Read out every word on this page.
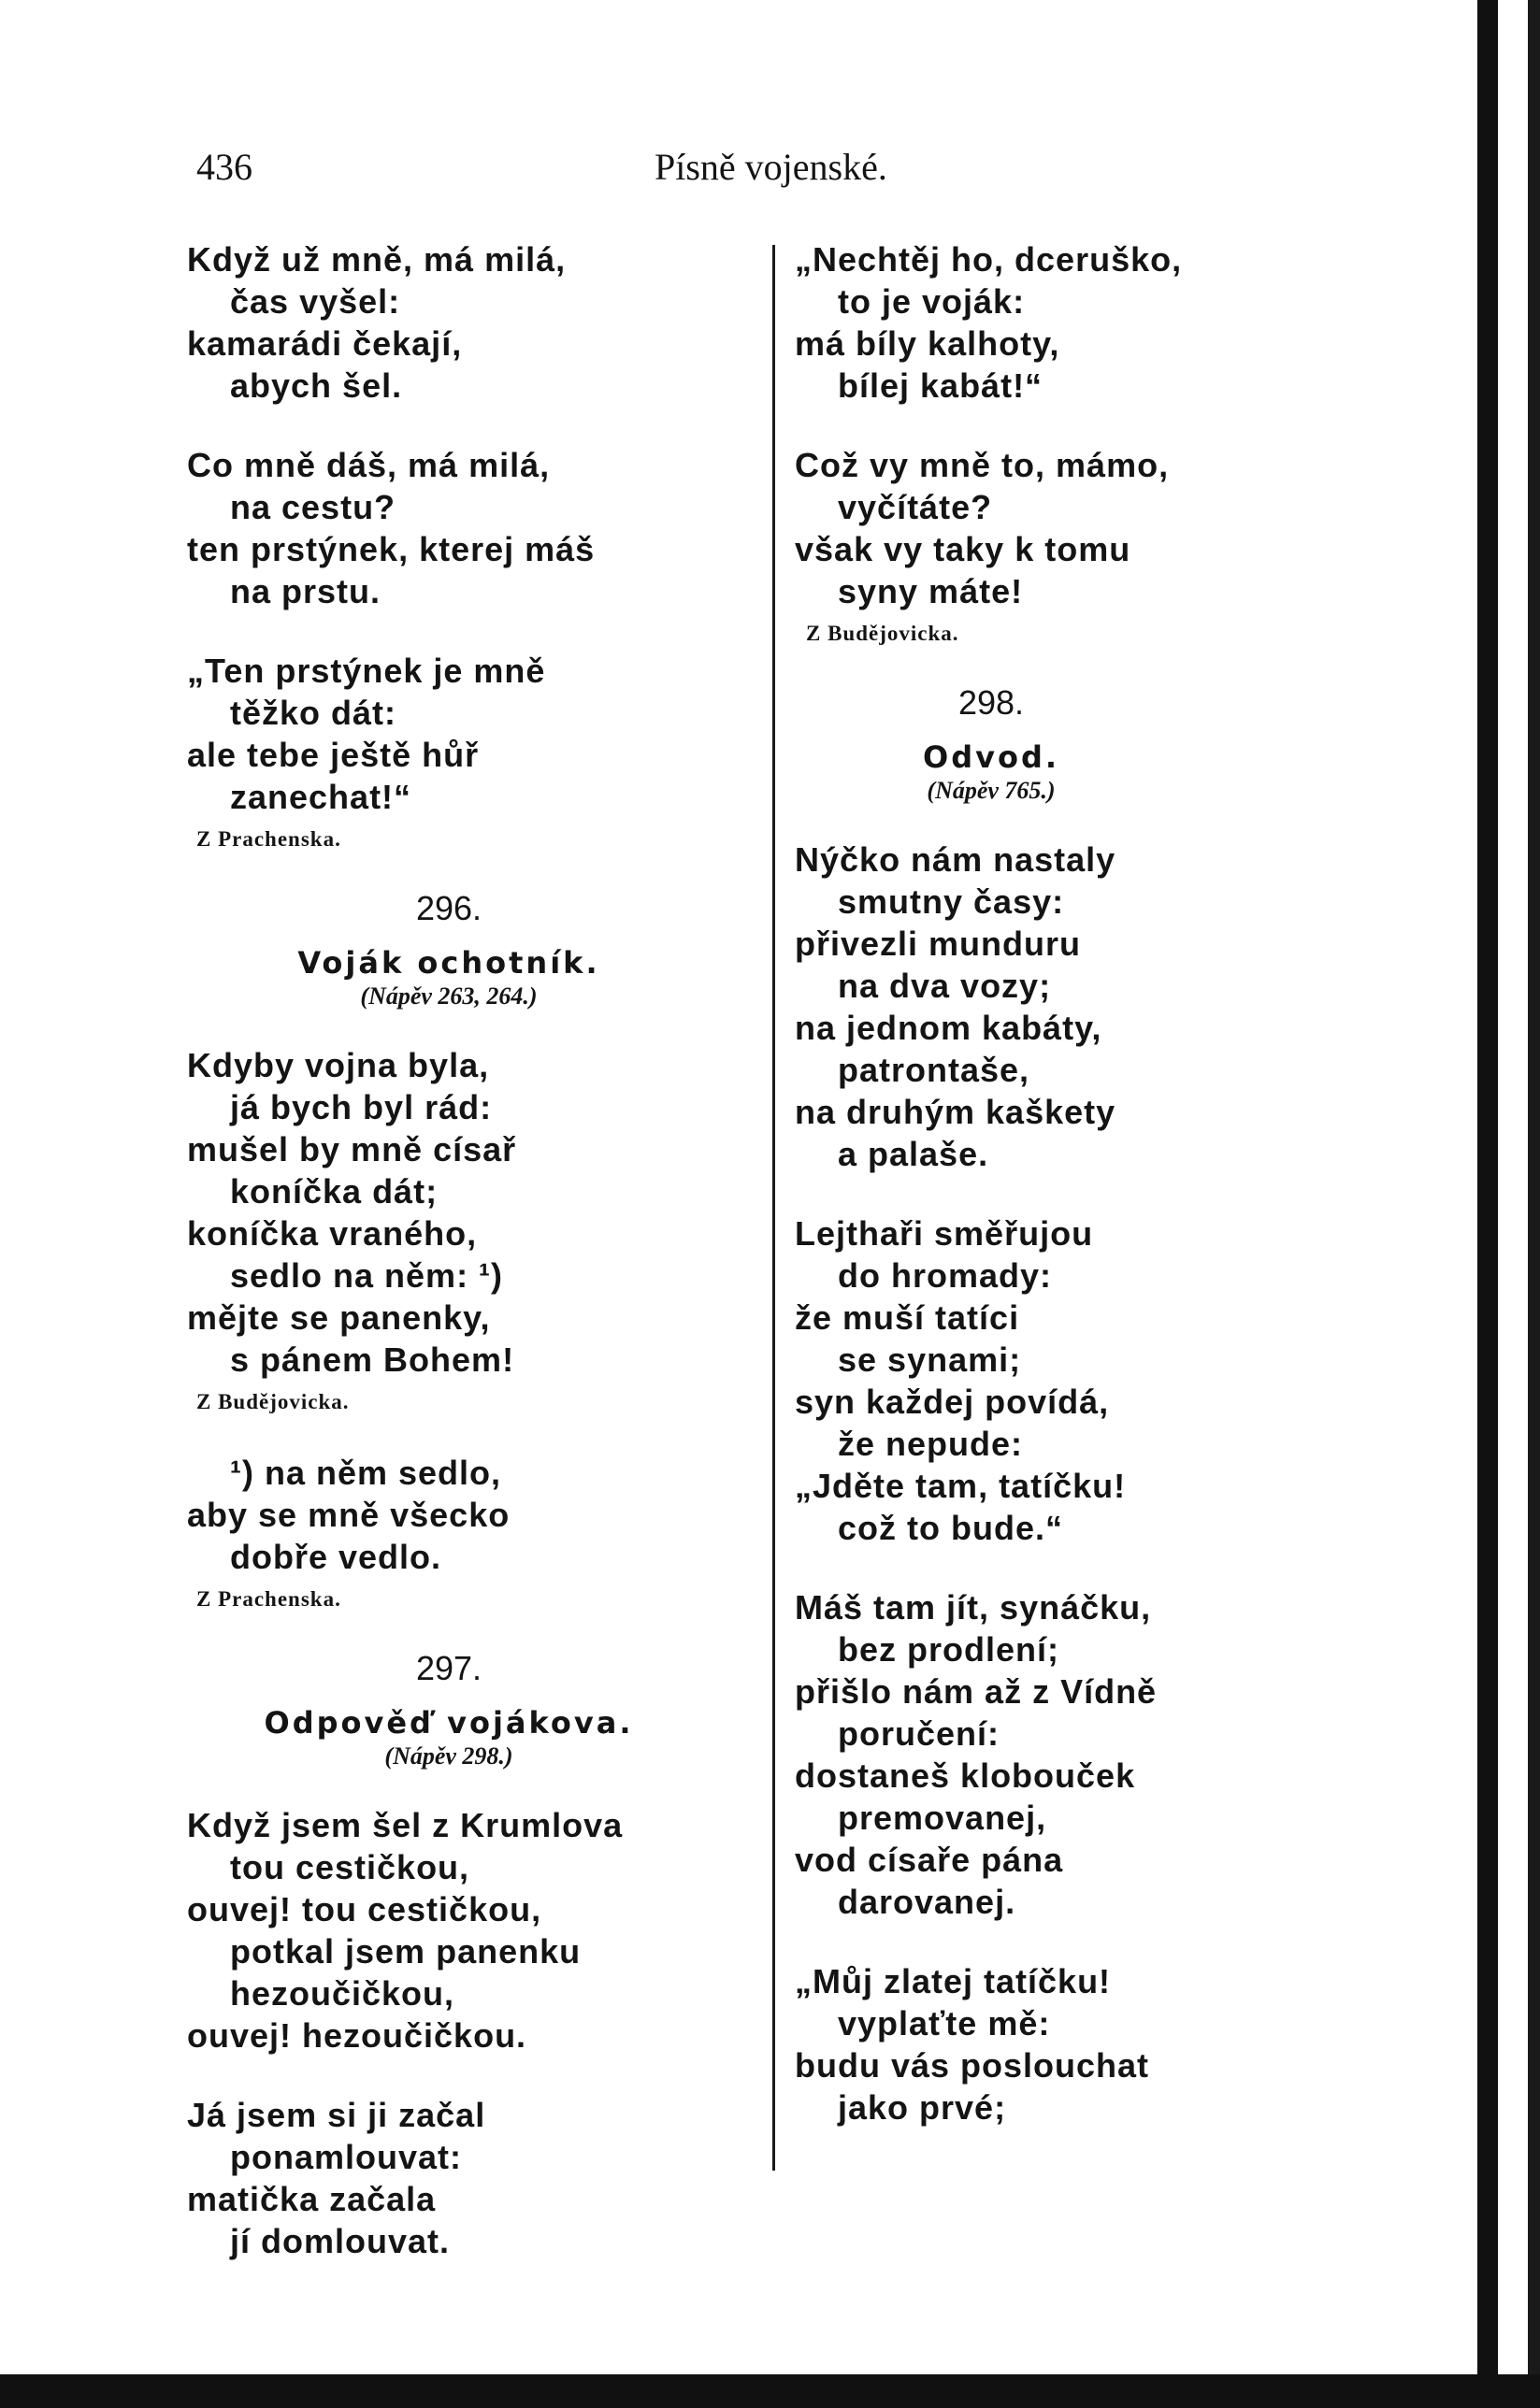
436	Písně vojenské.
Když už mně, má milá,
čas vyšel:
kamarádi čekají,
abych šel.
Co mně dáš, má milá,
na cestu?
ten prstýnek, kterej máš
na prstu.
„Ten prstýnek je mně
těžko dát:
ale tebe ještě hůř
zanechat!“
Z Prachenska.
296.
Voják ochotník.
(Nápěv 263, 264.)
Kdyby vojna byla,
já bych byl rád:
mušel by mně císař
koníčka dát;
koníčka vraného,
sedlo na něm: ¹)
mějte se panenky,
s pánem Bohem!
Z Budějovicka.
¹) na něm sedlo,
aby se mně všecko
dobře vedlo.
Z Prachenska.
297.
Odpověď vojákova.
(Nápěv 298.)
Když jsem šel z Krumlova
tou cestičkou,
ouvej! tou cestičkou,
potkal jsem panenku
hezoučičkou,
ouvej! hezoučičkou.
Já jsem si ji začal
ponamlouvat:
matička začala
jí domlouvat.
„Nechtěj ho, dceruško,
to je voják:
má bíly kalhoty,
bílej kabát!“
Což vy mně to, mámo,
vyčítáte?
však vy taky k tomu
syny máte!
Z Budějovicka.
298.
Odvod.
(Nápěv 765.)
Nýčko nám nastaly
smutny časy:
přivezli munduru
na dva vozy;
na jednom kabáty,
patrontaše,
na druhým kaškety
a palaše.
Lejthaři směřujou
do hromady:
že muší tatíci
se synami;
syn každej povídá,
že nepude:
„Jděte tam, tatíčku!
což to bude.“
Máš tam jít, synáčku,
bez prodlení;
přišlo nám až z Vídně
poručení:
dostaneš klobouček
premovanej,
vod císaře pána
darovanej.
„Můj zlatej tatíčku!
vyplaťte mě:
budu vás poslouchat
jako prvé;
